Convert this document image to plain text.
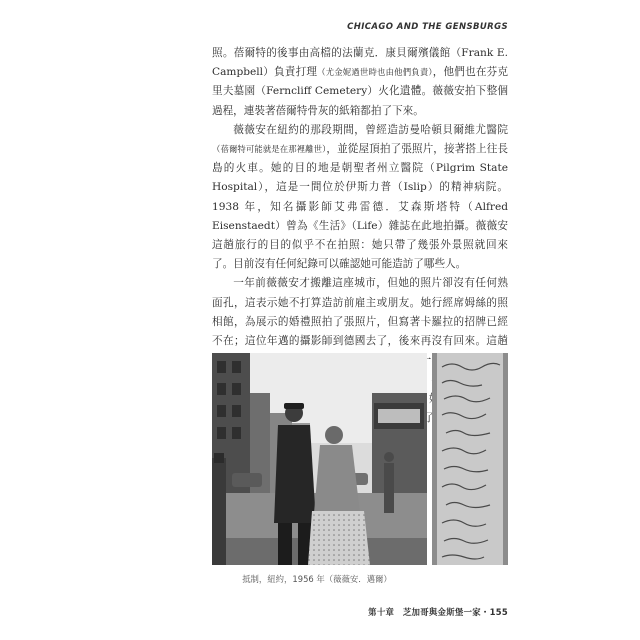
CHICAGO AND THE GENSBURGS

照。蓓爾特的後事由高檔的法蘭克．康貝爾殯儀館（Frank E. Campbell）負責打理（尤金妮過世時也由他們負責），他們也在芬克里夫墓園（Ferncliff Cemetery）火化遺體。薇薇安拍下整個過程，連裝著蓓爾特骨灰的紙箱都拍了下來。

薇薇安在紐約的那段期間，曾經造訪曼哈頓貝爾維尤醫院（蓓爾特可能就是在那裡離世），並從屋頂拍了張照片，接著搭上往長島的火車。她的目的地是朝聖者州立醫院（Pilgrim State Hospital），這是一間位於伊斯力普（Islip）的精神病院。1938 年，知名攝影師艾弗雷德．艾森斯塔特（Alfred Eisenstaedt）曾為《生活》（Life）雜誌在此地拍攝。薇薇安這趟旅行的目的似乎不在拍照：她只帶了幾張外景照就回來了。目前沒有任何紀錄可以確認她可能造訪了哪些人。

一年前薇薇安才搬離這座城市，但她的照片卻沒有任何熟面孔，這表示她不打算造訪前雇主或朋友。她行經席姆絲的照相館，為展示的婚禮照拍了張照片，但寫著卡羅拉的招牌已經不在；這位年邁的攝影師到德國去了，後來再沒有回來。這趟 ，好 了

抵制，紐約，1956 年（薇薇安．邁爾）
第十章　芝加哥與金斯堡一家・155
